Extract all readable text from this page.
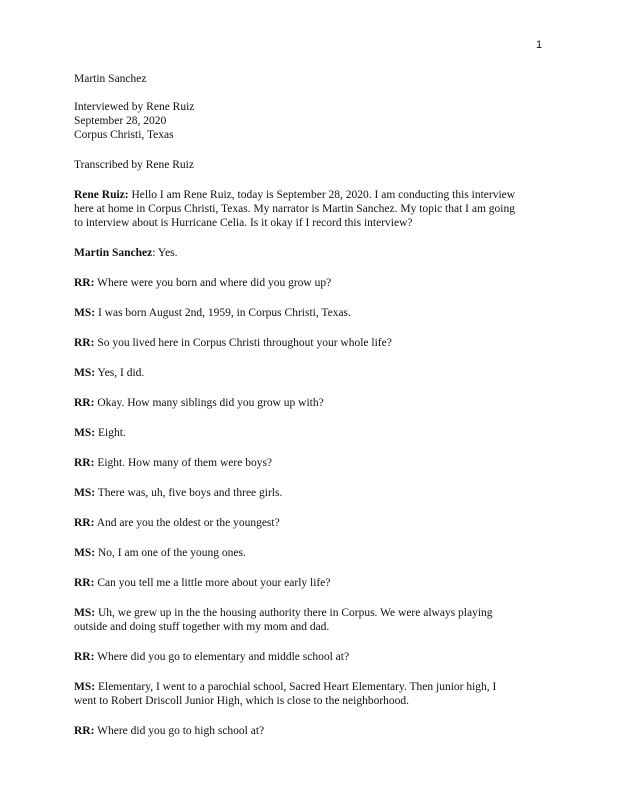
1

Martin Sanchez

Interviewed by Rene Ruiz

September 28, 2020

Corpus Christi, Texas

Transcribed by Rene Ruiz

Rene Ruiz: Hello I am Rene Ruiz, today is September 28, 2020. I am conducting this interview
here at home in Corpus Christi, Texas. My narrator is Martin Sanchez. My topic that I am going
to interview about is Hurricane Celia. Is it okay if I record this interview?

Martin Sanchez: Yes.

RR: Where were you born and where did you grow up?

MS: I was born August 2nd, 1959, in Corpus Christi, Texas.

RR: So you lived here in Corpus Christi throughout your whole life?

MS: Yes, I did.

RR: Okay. How many siblings did you grow up with?

MS: Eight.

RR: Eight. How many of them were boys?

MS: There was, uh, five boys and three girls.

RR: And are you the oldest or the youngest?

MS: No, I am one of the young ones.

RR: Can you tell me a little more about your early life?

MS: Uh, we grew up in the the housing authority there in Corpus. We were always playing
outside and doing stuff together with my mom and dad.

RR: Where did you go to elementary and middle school at?

MS: Elementary, I went to a parochial school, Sacred Heart Elementary. Then junior high, I
went to Robert Driscoll Junior High, which is close to the neighborhood.

RR: Where did you go to high school at?
